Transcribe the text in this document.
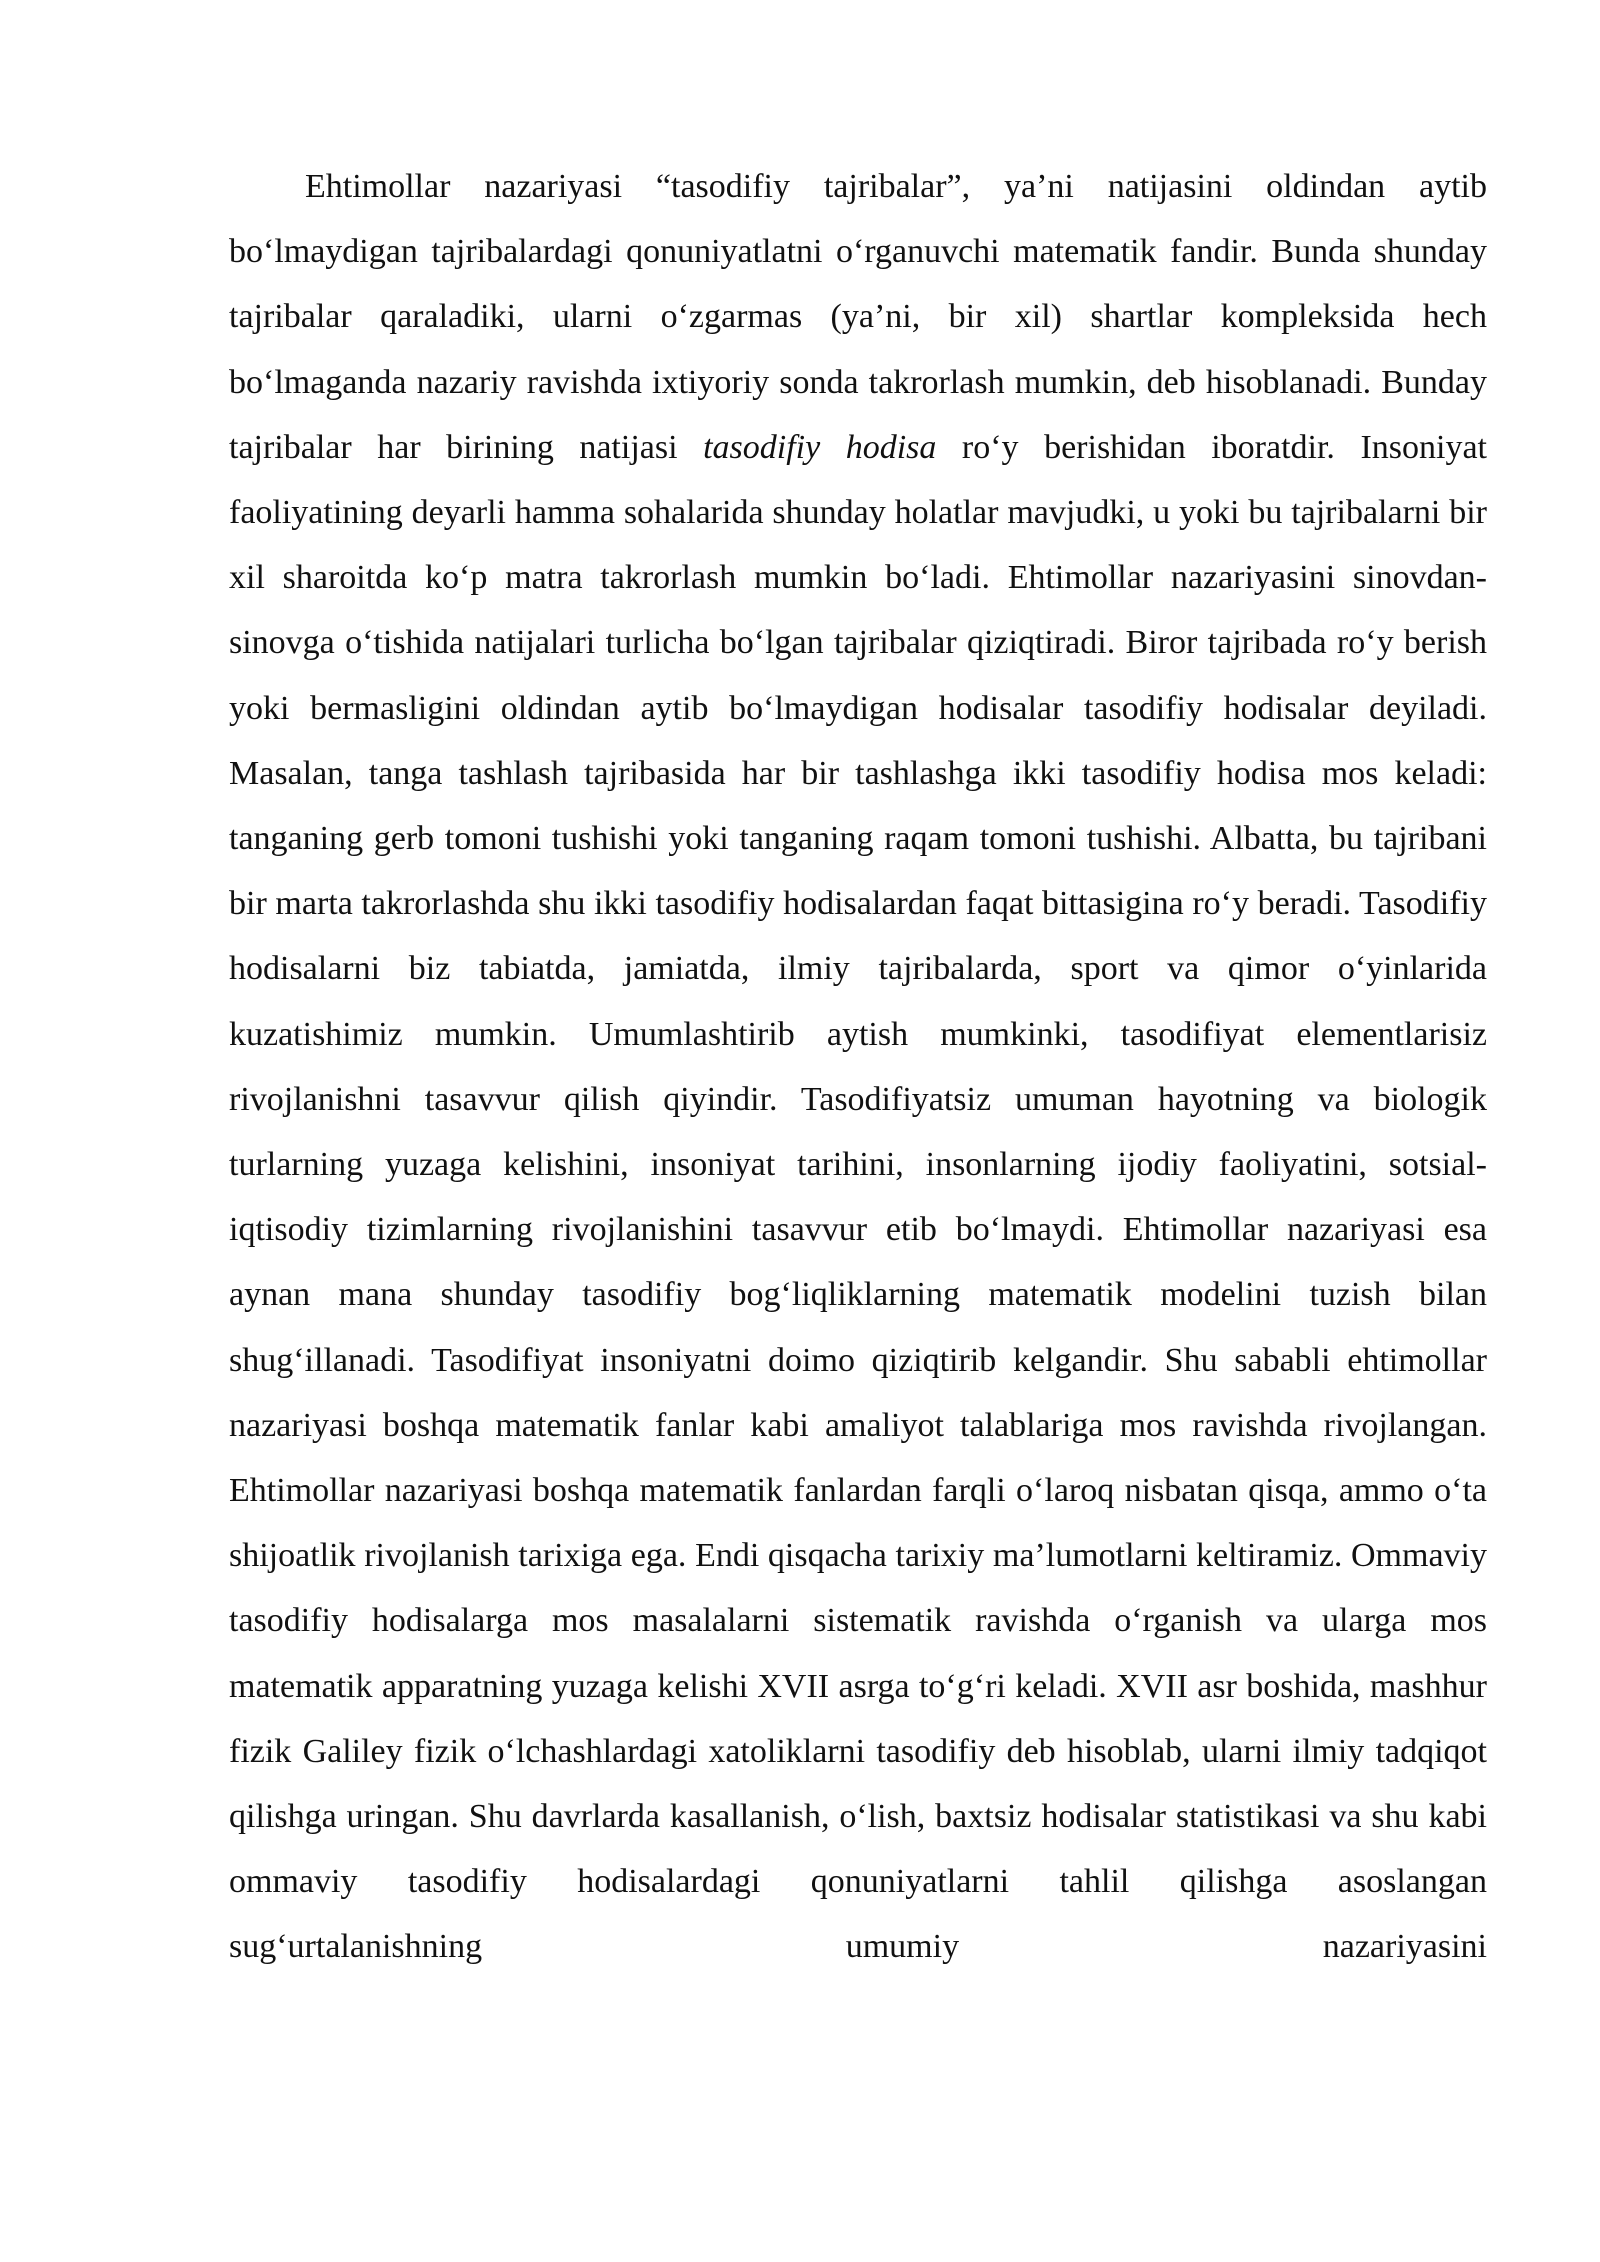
Ehtimollar nazariyasi “tasodifiy tajribalar”, ya’ni natijasini oldindan aytib bo‘lmaydigan tajribalardagi qonuniyatlatni o‘rganuvchi matematik fandir. Bunda shunday tajribalar qaraladiki, ularni o‘zgarmas (ya’ni, bir xil) shartlar kompleksida hech bo‘lmaganda nazariy ravishda ixtiyoriy sonda takrorlash mumkin, deb hisoblanadi. Bunday tajribalar har birining natijasi tasodifiy hodisa ro‘y berishidan iboratdir. Insoniyat faoliyatining deyarli hamma sohalarida shunday holatlar mavjudki, u yoki bu tajribalarni bir xil sharoitda ko‘p matra takrorlash mumkin bo‘ladi. Ehtimollar nazariyasini sinovdan-sinovga o‘tishida natijalari turlicha bo‘lgan tajribalar qiziqtiradi. Biror tajribada ro‘y berish yoki bermasligini oldindan aytib bo‘lmaydigan hodisalar tasodifiy hodisalar deyiladi. Masalan, tanga tashlash tajribasida har bir tashlashga ikki tasodifiy hodisa mos keladi: tanganing gerb tomoni tushishi yoki tanganing raqam tomoni tushishi. Albatta, bu tajribani bir marta takrorlashda shu ikki tasodifiy hodisalardan faqat bittasigina ro‘y beradi. Tasodifiy hodisalarni biz tabiatda, jamiatda, ilmiy tajribalarda, sport va qimor o‘yinlarida kuzatishimiz mumkin. Umumlashtirib aytish mumkinki, tasodifiyat elementlarisiz rivojlanishni tasavvur qilish qiyindir. Tasodifiyatsiz umuman hayotning va biologik turlarning yuzaga kelishini, insoniyat tarihini, insonlarning ijodiy faoliyatini, sotsial-iqtisodiy tizimlarning rivojlanishini tasavvur etib bo‘lmaydi. Ehtimollar nazariyasi esa aynan mana shunday tasodifiy bog‘liqliklarning matematik modelini tuzish bilan shug‘illanadi. Tasodifiyat insoniyatni doimo qiziqtirib kelgandir. Shu sababli ehtimollar nazariyasi boshqa matematik fanlar kabi amaliyot talablariga mos ravishda rivojlangan. Ehtimollar nazariyasi boshqa matematik fanlardan farqli o‘laroq nisbatan qisqa, ammo o‘ta shijoatlik rivojlanish tarixiga ega. Endi qisqacha tarixiy ma’lumotlarni keltiramiz. Ommaviy tasodifiy hodisalarga mos masalalarni sistematik ravishda o‘rganish va ularga mos matematik apparatning yuzaga kelishi XVII asrga to‘g‘ri keladi. XVII asr boshida, mashhur fizik Galiley fizik o‘lchashlardagi xatoliklarni tasodifiy deb hisoblab, ularni ilmiy tadqiqot qilishga uringan. Shu davrlarda kasallanish, o‘lish, baxtsiz hodisalar statistikasi va shu kabi ommaviy tasodifiy hodisalardagi qonuniyatlarni tahlil qilishga asoslangan sug‘urtalanishning umumiy nazariyasini
